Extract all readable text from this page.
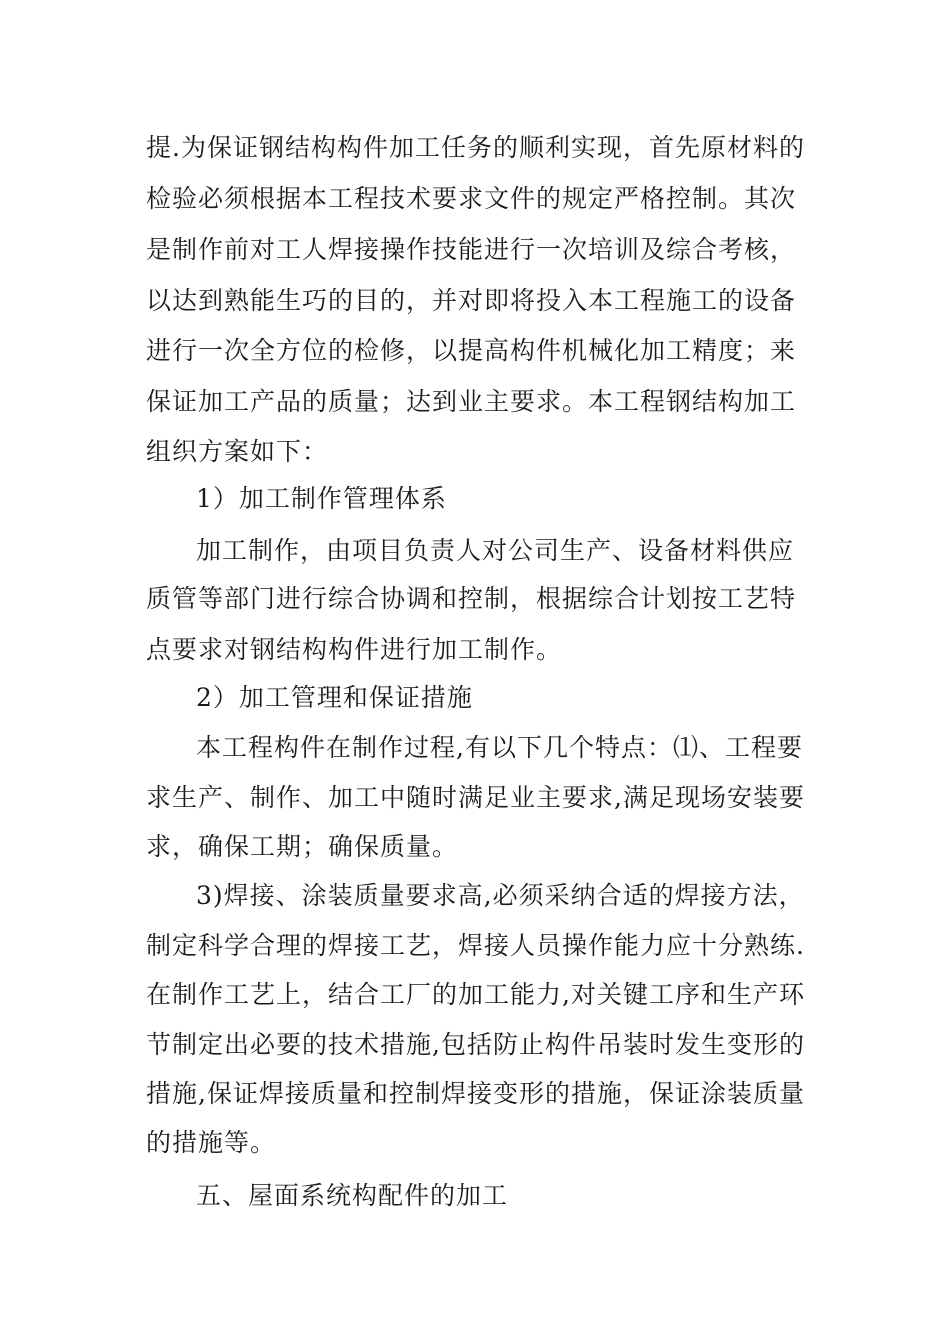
提.为保证钢结构构件加工任务的顺利实现，首先原材料的
检验必须根据本工程技术要求文件的规定严格控制。其次
是制作前对工人焊接操作技能进行一次培训及综合考核，
以达到熟能生巧的目的，并对即将投入本工程施工的设备
进行一次全方位的检修，以提高构件机械化加工精度；来
保证加工产品的质量；达到业主要求。本工程钢结构加工
组织方案如下：
1）加工制作管理体系
加工制作，由项目负责人对公司生产、设备材料供应
质管等部门进行综合协调和控制，根据综合计划按工艺特
点要求对钢结构构件进行加工制作。
2）加工管理和保证措施
本工程构件在制作过程,有以下几个特点：⑴、工程要
求生产、制作、加工中随时满足业主要求,满足现场安装要
求，确保工期；确保质量。
3)焊接、涂装质量要求高,必须采纳合适的焊接方法，
制定科学合理的焊接工艺，焊接人员操作能力应十分熟练.
在制作工艺上，结合工厂的加工能力,对关键工序和生产环
节制定出必要的技术措施,包括防止构件吊装时发生变形的
措施,保证焊接质量和控制焊接变形的措施，保证涂装质量
的措施等。
五、屋面系统构配件的加工
